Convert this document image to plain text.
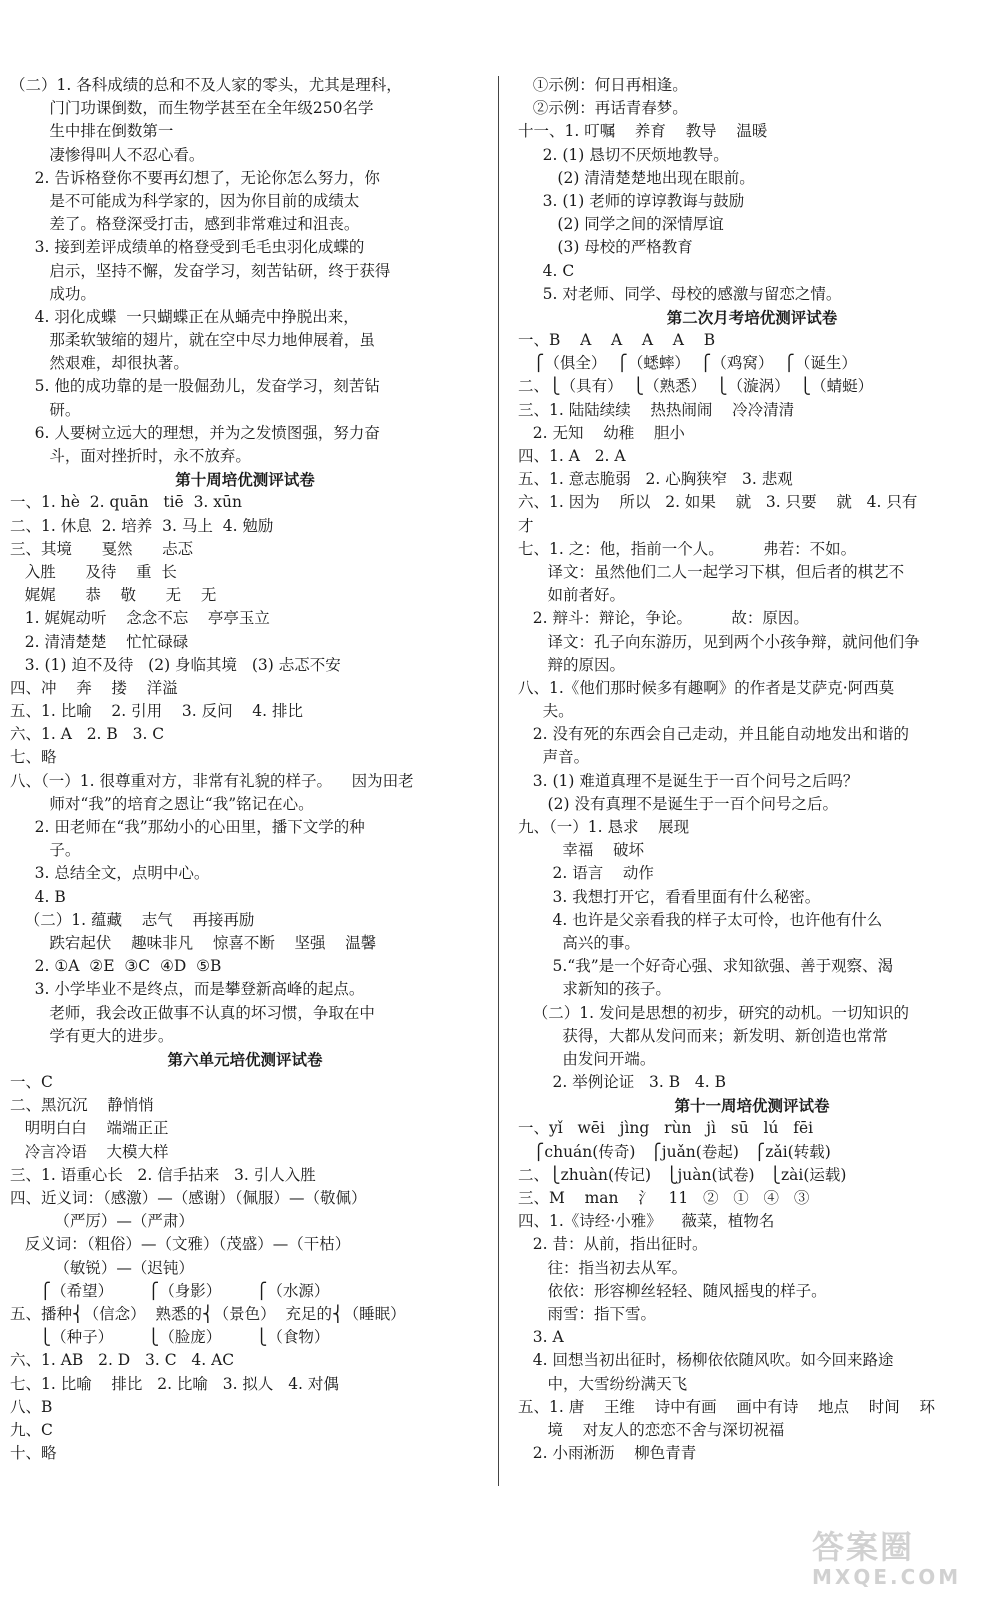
（二）1. 各科成绩的总和不及人家的零头，尤其是理科，
门门功课倒数，而生物学甚至在全年级250名学
生中排在倒数第一
凄惨得叫人不忍心看。
2. 告诉格登你不要再幻想了，无论你怎么努力，你
是不可能成为科学家的，因为你目前的成绩太
差了。格登深受打击，感到非常难过和沮丧。
3. 接到差评成绩单的格登受到毛毛虫羽化成蝶的
启示，坚持不懈，发奋学习，刻苦钻研，终于获得
成功。
4. 羽化成蝶  一只蝴蝶正在从蛹壳中挣脱出来，
那柔软皱缩的翅片，就在空中尽力地伸展着，虽
然艰难，却很执著。
5. 他的成功靠的是一股倔劲儿，发奋学习，刻苦钻
研。
6. 人要树立远大的理想，并为之发愤图强，努力奋
斗，面对挫折时，永不放弃。
第十周培优测评试卷
一、1. hè  2. quān   tiē  3. xūn
二、1. 休息  2. 培养  3. 马上  4. 勉励
三、其境      戛然      忐忑
入胜      及待    重  长
娓娓      恭    敬      无    无
1. 娓娓动听    念念不忘    亭亭玉立
2. 清清楚楚    忙忙碌碌
3. (1) 迫不及待   (2) 身临其境   (3) 忐忑不安
四、冲    奔    搂    洋溢
五、1. 比喻    2. 引用    3. 反问    4. 排比
六、1. A   2. B   3. C
七、略
八、（一）1. 很尊重对方，非常有礼貌的样子。    因为田老
师对“我”的培育之恩让“我”铭记在心。
2. 田老师在“我”那幼小的心田里，播下文学的种
子。
3. 总结全文，点明中心。
4. B
（二）1. 蕴藏    志气    再接再励
跌宕起伏    趣味非凡    惊喜不断    坚强    温馨
2. ①A  ②E  ③C  ④D  ⑤B
3. 小学毕业不是终点，而是攀登新高峰的起点。
老师，我会改正做事不认真的坏习惯，争取在中
学有更大的进步。
第六单元培优测评试卷
一、C
二、黑沉沉    静悄悄
明明白白    端端正正
冷言冷语    大模大样
三、1. 语重心长   2. 信手拈来   3. 引人入胜
四、近义词：（感激）—（感谢）（佩服）—（敬佩）
（严厉）—（严肃）
反义词：（粗俗）—（文雅）（茂盛）—（干枯）
（敏锐）—（迟钝）
⎧（希望）       ⎧（身影）       ⎧（水源）
五、播种⎨（信念）  熟悉的⎨（景色）  充足的⎨（睡眠）
⎩（种子）       ⎩（脸庞）       ⎩（食物）
六、1. AB   2. D   3. C   4. AC
七、1. 比喻    排比   2. 比喻   3. 拟人   4. 对偶
八、B
九、C
十、略
①示例：何日再相逢。
②示例：再话青春梦。
十一、1. 叮嘱    养育    教导    温暖
2. (1) 恳切不厌烦地教导。
(2) 清清楚楚地出现在眼前。
3. (1) 老师的谆谆教诲与鼓励
(2) 同学之间的深情厚谊
(3) 母校的严格教育
4. C
5. 对老师、同学、母校的感激与留恋之情。
第二次月考培优测评试卷
一、B    A    A    A    A    B
⎧（俱全）  ⎧（蟋蟀）  ⎧（鸡窝）  ⎧（诞生）
二、⎩（具有）  ⎩（熟悉）  ⎩（漩涡）  ⎩（蜻蜓）
三、1. 陆陆续续    热热闹闹    冷冷清清
2. 无知    幼稚    胆小
四、1. A   2. A
五、1. 意志脆弱   2. 心胸狭窄   3. 悲观
六、1. 因为    所以   2. 如果    就   3. 只要    就   4. 只有
才
七、1. 之：他，指前一个人。        弗若：不如。
译文：虽然他们二人一起学习下棋，但后者的棋艺不
如前者好。
2. 辩斗：辩论，争论。        故：原因。
译文：孔子向东游历，见到两个小孩争辩，就问他们争
辩的原因。
八、1.《他们那时候多有趣啊》的作者是艾萨克·阿西莫
夫。
2. 没有死的东西会自己走动，并且能自动地发出和谐的
声音。
3. (1) 难道真理不是诞生于一百个问号之后吗？
(2) 没有真理不是诞生于一百个问号之后。
九、（一）1. 恳求    展现
幸福    破坏
2. 语言    动作
3. 我想打开它，看看里面有什么秘密。
4. 也许是父亲看我的样子太可怜，也许他有什么
高兴的事。
5.“我”是一个好奇心强、求知欲强、善于观察、渴
求新知的孩子。
（二）1. 发问是思想的初步，研究的动机。一切知识的
获得，大都从发问而来；新发明、新创造也常常
由发问开端。
2. 举例论证   3. B   4. B
第十一周培优测评试卷
一、yǐ   wēi   jìng   rùn   jì   sū   lú   fēi
⎧chuán(传奇)   ⎧juǎn(卷起)   ⎧zǎi(转载)
二、⎩zhuàn(传记)   ⎩juàn(试卷)   ⎩zài(运载)
三、M    man    氵   11   ②   ①   ④   ③
四、1.《诗经·小雅》    薇菜，植物名
2. 昔：从前，指出征时。
往：指当初去从军。
依依：形容柳丝轻轻、随风摇曳的样子。
雨雪：指下雪。
3. A
4. 回想当初出征时，杨柳依依随风吹。如今回来路途
中，大雪纷纷满天飞
五、1. 唐    王维    诗中有画    画中有诗    地点    时间    环
境    对友人的恋恋不舍与深切祝福
2. 小雨淅沥    柳色青青
答案圈
MXQE.COM
